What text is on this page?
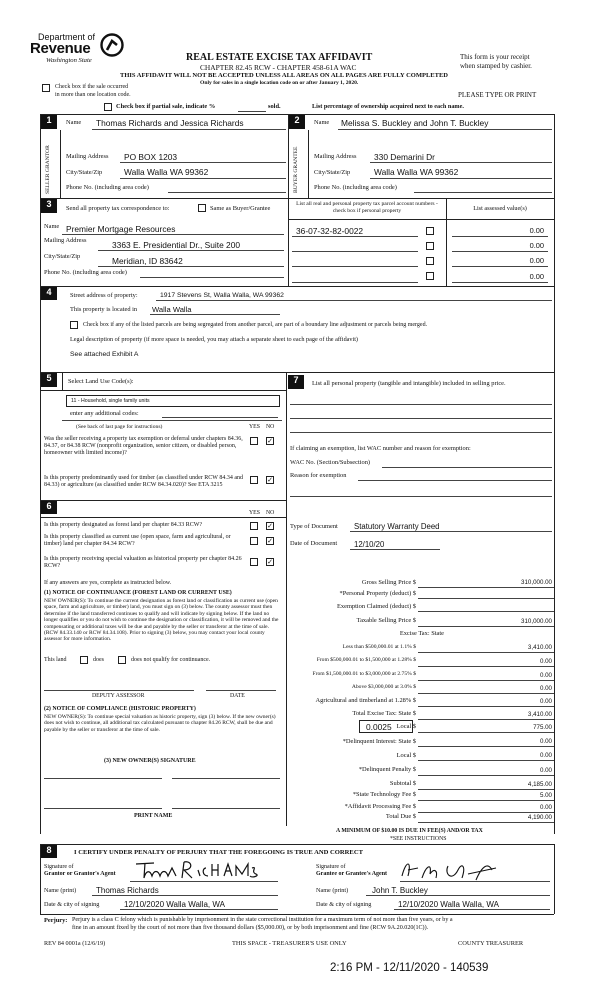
Department of
Revenue
Washington State	REAL ESTATE EXCISE TAX AFFIDAVIT
CHAPTER 82.45 RCW - CHAPTER 458-61A WAC
THIS AFFIDAVIT WILL NOT BE ACCEPTED UNLESS ALL AREAS ON ALL PAGES ARE FULLY COMPLETED
Only for sales in a single location code on or after January 1, 2020.
This form is your receipt
when stamped by cashier.
PLEASE TYPE OR PRINT
Check box if the sale occurred
in more than one location code.
Check box if partial sale, indicate %	sold.	List percentage of ownership acquired next to each name.
1
SELLER GRANTOR
Name Thomas Richards and Jessica Richards
Mailing Address PO BOX 1203
City/State/Zip	Walla Walla WA 99362
Phone No. (including area code)
2
BUYER GRANTEE
Name Melissa S. Buckley and John T. Buckley
Mailing Address 330 Demarini Dr
City/State/Zip	Walla Walla WA 99362
Phone No. (including area code)
3	Send all property tax correspondence to:	Same as Buyer/Grantee
List all real and personal property tax parcel account numbers - check box if personal property	List assessed value(s)
Name Premier Mortgage Resources
Mailing Address	3363 E. Presidential Dr., Suite 200
City/State/Zip	Meridian, ID 83642
Phone No. (including area code)
36-07-32-82-0022	0.00
0.00
0.00
0.00
4	Street address of property:	1917 Stevens St, Walla Walla, WA 99362
This property is located in Walla Walla
Check box if any of the listed parcels are being segregated from another parcel, are part of a boundary line adjustment or parcels being merged.
Legal description of property (if more space is needed, you may attach a separate sheet to each page of the affidavit)
See attached Exhibit A
5	Select Land Use Code(s):
11 - Household, single family units
enter any additional codes:
(See back of last page for instructions)	YES NO
Was the seller receiving a property tax exemption or deferral under chapters 84.36, 84.37, or 84.38 RCW (nonprofit organization, senior citizen, or disabled person, homeowner with limited income)?
✓
Is this property predominantly used for timber (as classified under RCW 84.34 and 84.33) or agriculture (as classified under RCW 84.34.020)? See ETA 3215
✓
7	List all personal property (tangible and intangible) included in selling price.
If claiming an exemption, list WAC number and reason for exemption:
WAC No. (Section/Subsection)
Reason for exemption
6
YES NO
Is this property designated as forest land per chapter 84.33 RCW?	✓
Is this property classified as current use (open space, farm and agricultural, or timber) land per chapter 84.34 RCW?	✓
Is this property receiving special valuation as historical property per chapter 84.26 RCW?	✓
If any answers are yes, complete as instructed below.
(1) NOTICE OF CONTINUANCE (FOREST LAND OR CURRENT USE)
NEW OWNER(S): To continue the current designation as forest land or classification as current use (open space, farm and agriculture, or timber) land, you must sign on (3) below. The county assessor must then determine if the land transferred continues to qualify and will indicate by signing below. If the land no longer qualifies or you do not wish to continue the designation or classification, it will be removed and the compensating or additional taxes will be due and payable by the seller or transferor at the time of sale. (RCW 84.33.140 or RCW 84.34.108). Prior to signing (3) below, you may contact your local county assessor for more information.
This land	does	does not qualify for continuance.
DEPUTY ASSESSOR	DATE
(2) NOTICE OF COMPLIANCE (HISTORIC PROPERTY)
NEW OWNER(S): To continue special valuation as historic property, sign (3) below. If the new owner(s) does not wish to continue, all additional tax calculated pursuant to chapter 84.26 RCW, shall be due and payable by the seller or transferor at the time of sale.
(3) NEW OWNER(S) SIGNATURE
PRINT NAME
Type of Document Statutory Warranty Deed
Date of Document 12/10/20
Gross Selling Price $	310,000.00
*Personal Property (deduct) $
Exemption Claimed (deduct) $
Taxable Selling Price $	310,000.00
Excise Tax: State
Less than $500,000.01 at 1.1% $	3,410.00
From $500,000.01 to $1,500,000 at 1.28% $	0.00
From $1,500,000.01 to $3,000,000 at 2.75% $	0.00
Above $3,000,000 at 3.0% $	0.00
Agricultural and timberland at 1.28% $	0.00
Total Excise Tax: State $	3,410.00
0.0025 Local $	775.00
*Delinquent Interest: State $	0.00
Local $	0.00
*Delinquent Penalty $	0.00
Subtotal $	4,185.00
*State Technology Fee $	5.00
*Affidavit Processing Fee $	0.00
Total Due $	4,190.00
A MINIMUM OF $10.00 IS DUE IN FEE(S) AND/OR TAX
*SEE INSTRUCTIONS
8	I CERTIFY UNDER PENALTY OF PERJURY THAT THE FOREGOING IS TRUE AND CORRECT
Signature of
Grantor or Grantor's Agent
Signature of
Grantee or Grantee's Agent
Name (print) Thomas Richards	Name (print)	John T. Buckley
Date & city of signing	12/10/2020 Walla Walla, WA	Date & city of signing	12/10/2020 Walla Walla, WA
Perjury: Perjury is a class C felony which is punishable by imprisonment in the state correctional institution for a maximum term of not more than five years, or by a
fine in an amount fixed by the court of not more than five thousand dollars ($5,000.00), or by both imprisonment and fine (RCW 9A.20.020(1C)).
REV 84 0001a (12/6/19)	THIS SPACE - TREASURER'S USE ONLY	COUNTY TREASURER
2:16 PM - 12/11/2020 - 140539
